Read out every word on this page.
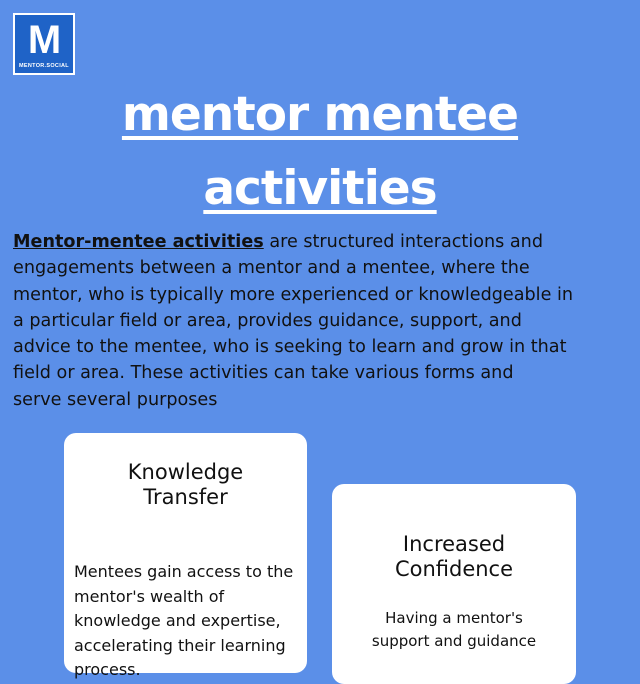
M
MENTOR.SOCIAL
mentor mentee
activities
Mentor-mentee activities are structured interactions and
engagements between a mentor and a mentee, where the
mentor, who is typically more experienced or knowledgeable in
a particular field or area, provides guidance, support, and
advice to the mentee, who is seeking to learn and grow in that
field or area. These activities can take various forms and
serve several purposes
Knowledge
Transfer
Mentees gain access to the mentor's wealth of knowledge and expertise, accelerating their learning process.
Increased
Confidence
Having a mentor's support and guidance
